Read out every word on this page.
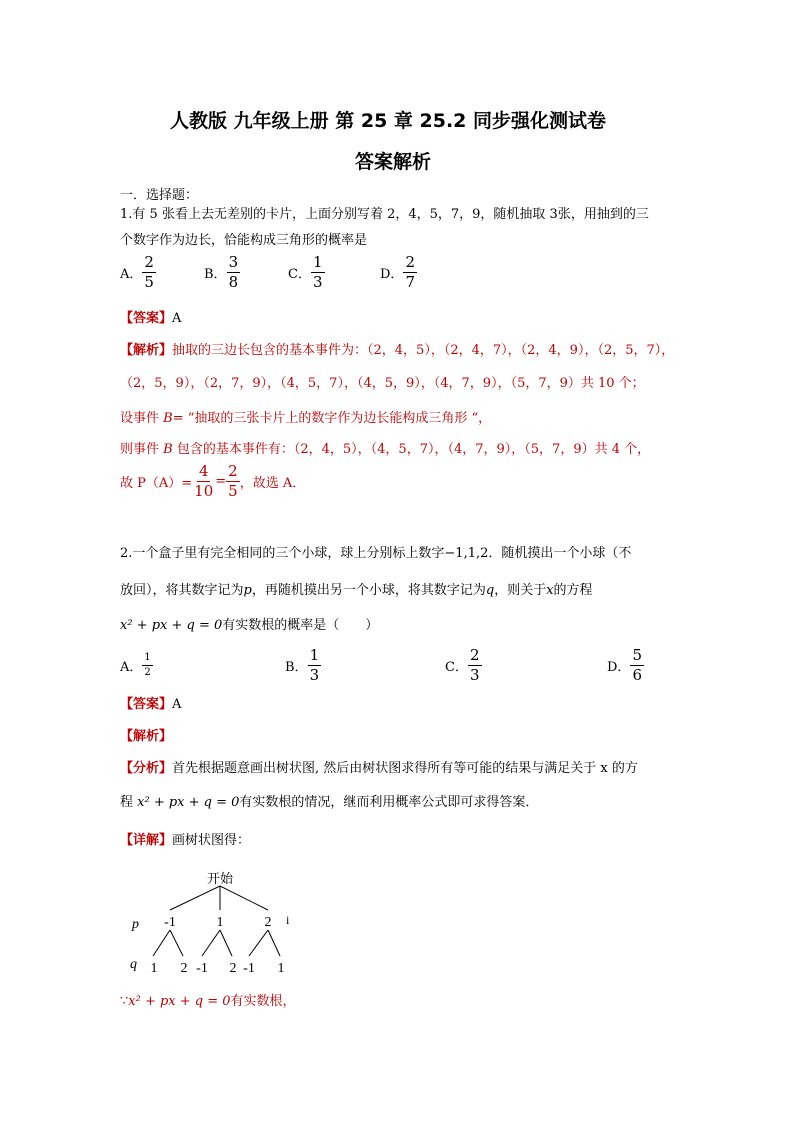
人教版 九年级上册 第 25 章 25.2 同步强化测试卷
答案解析
一．选择题：
1.有 5 张看上去无差别的卡片，上面分别写着 2，4，5，7，9，随机抽取 3张，用抽到的三
个数字作为边长，恰能构成三角形的概率是
A． $\frac{2}{5}$	B． $\frac{3}{8}$	C． $\frac{1}{3}$	D． $\frac{2}{7}$
【答案】A
【解析】抽取的三边长包含的基本事件为：（2，4，5），（2，4，7），（2，4，9），（2，5，7），
（2，5，9），（2，7，9），（4，5，7），（4，5，9），（4，7，9），（5，7，9）共 10 个；
设事件 B= “抽取的三张卡片上的数字作为边长能构成三角形 “，
则事件 B 包含的基本事件有：（2，4，5），（4，5，7），（4，7，9），（5，7，9）共 4 个，
故 $P(A)= \frac{4}{10} = \frac{2}{5}$ ，故选 A．
2.一个盒子里有完全相同的三个小球，球上分别标上数字−1,1,2．随机摸出一个小球（不
放回），将其数字记为p，再随机摸出另一个小球，将其数字记为q，则关于x的方程
x² + px + q = 0有实数根的概率是（　　）
A． $\frac{1}{2}$	B． $\frac{1}{3}$	C． $\frac{2}{3}$	D． $\frac{5}{6}$
【答案】A
【解析】
【分析】首先根据题意画出树状图, 然后由树状图求得所有等可能的结果与满足关于 x 的方
程 x² + px + q = 0有实数根的情况，继而利用概率公式即可求得答案．
【详解】画树状图得：
开始
p
q
-1	1	2 i
1 2 -1 2 -1 1
∵x² + px + q = 0有实数根，
